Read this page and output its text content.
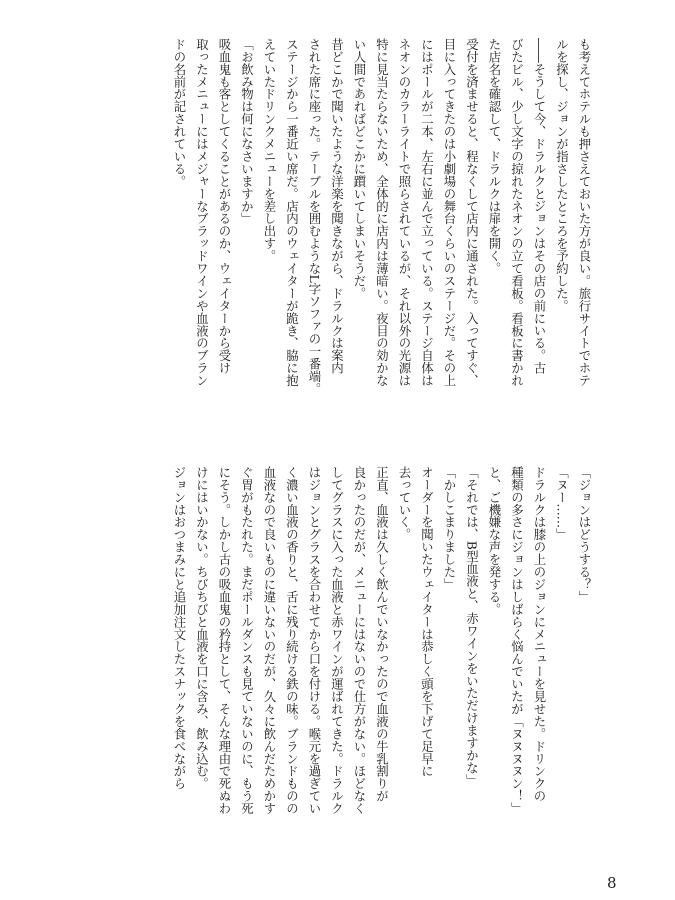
も考えてホテルも押さえておいた方が良い。旅行サイトでホテ
ルを探し、ジョンが指さしたところを予約した。
――そうして今、ドラルクとジョンはその店の前にいる。古
びたビル、少し文字の掠れたネオンの立て看板。看板に書かれ
た店名を確認して、ドラルクは扉を開く。
受付を済ませると、程なくして店内に通された。入ってすぐ、
目に入ってきたのは小劇場の舞台くらいのステージだ。その上
にはポールが二本、左右に並んで立っている。ステージ自体は
ネオンのカラーライトで照らされているが、それ以外の光源は
特に見当たらないため、全体的に店内は薄暗い。夜目の効かな
い人間であればどこかに躓いてしまいそうだ。
昔どこかで聞いたような洋楽を聞きながら、ドラルクは案内
された席に座った。テーブルを囲むようなL字ソファの一番端。
ステージから一番近い席だ。店内のウェイターが跪き、脇に抱
えていたドリンクメニューを差し出す。
「お飲み物は何になさいますか」
吸血鬼も客としてくることがあるのか、ウェイターから受け
取ったメニューにはメジャーなブラッドワインや血液のブラン
ドの名前が記されている。
「ジョンはどうする？」
「ヌー……」
ドラルクは膝の上のジョンにメニューを見せた。ドリンクの
種類の多さにジョンはしばらく悩んでいたが「ヌヌヌヌン！」
と、ご機嫌な声を発する。
「それでは、B型血液と、赤ワインをいただけますかな」
「かしこまりました」
オーダーを聞いたウェイターは恭しく頭を下げて足早に
去っていく。
正直、血液は久しく飲んでいなかったので血液の牛乳割りが
良かったのだが、メニューにはないので仕方がない。ほどなく
してグラスに入った血液と赤ワインが運ばれてきた。ドラルク
はジョンとグラスを合わせてから口を付ける。喉元を過ぎてい
く濃い血液の香りと、舌に残り続ける鉄の味。ブランドものの
血液なので良いものに違いないのだが、久々に飲んだためかす
ぐ胃がもたれた。まだポールダンスも見ていないのに、もう死
にそう。しかし古の吸血鬼の矜持として、そんな理由で死ぬわ
けにはいかない。ちびちびと血液を口に含み、飲み込む。
ジョンはおつまみにと追加注文したスナックを食べながら
8
